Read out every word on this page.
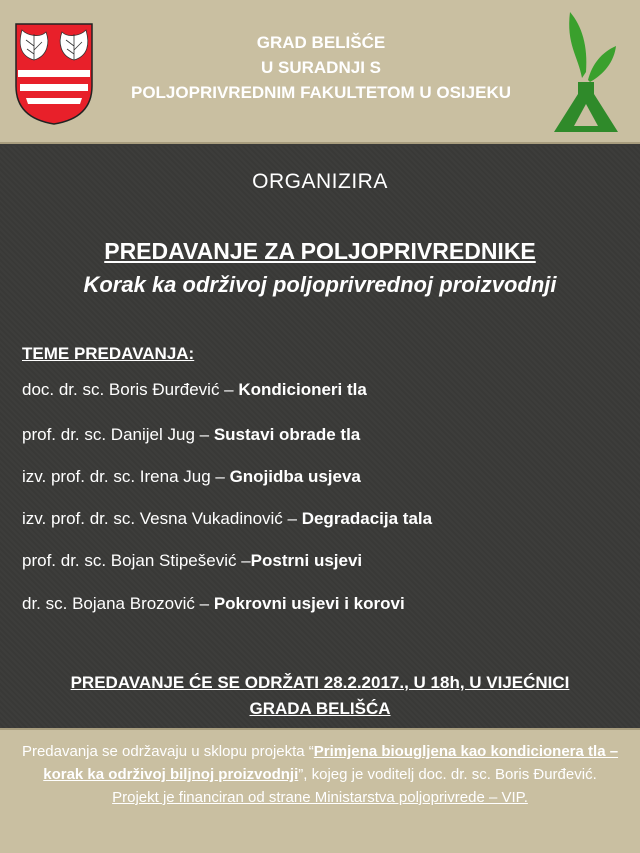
GRAD BELIŠĆE
U SURADNJI S
POLJOPRIVREDNIM FAKULTETOM U OSIJEKU
ORGANIZIRA
PREDAVANJE ZA POLJOPRIVREDNIKE
Korak ka održivoj poljoprivrednoj proizvodnji
TEME PREDAVANJA:
doc. dr. sc. Boris Đurđević – Kondicioneri tla
prof. dr. sc. Danijel Jug – Sustavi obrade tla
izv. prof. dr. sc. Irena Jug – Gnojidba usjeva
izv. prof. dr. sc. Vesna Vukadinović – Degradacija tala
prof. dr. sc. Bojan Stipešević –Postrni usjevi
dr. sc. Bojana Brozović – Pokrovni usjevi i korovi
PREDAVANJE ĆE SE ODRŽATI 28.2.2017., U 18h, U VIJEĆNICI
GRADA BELIŠĆA
Predavanja se održavaju u sklopu projekta “Primjena biougljena kao kondicionera tla – korak ka održivoj biljnoj proizvodnji”, kojeg je voditelj doc. dr. sc. Boris Đurđević.
Projekt je financiran od strane Ministarstva poljoprivrede – VIP.
